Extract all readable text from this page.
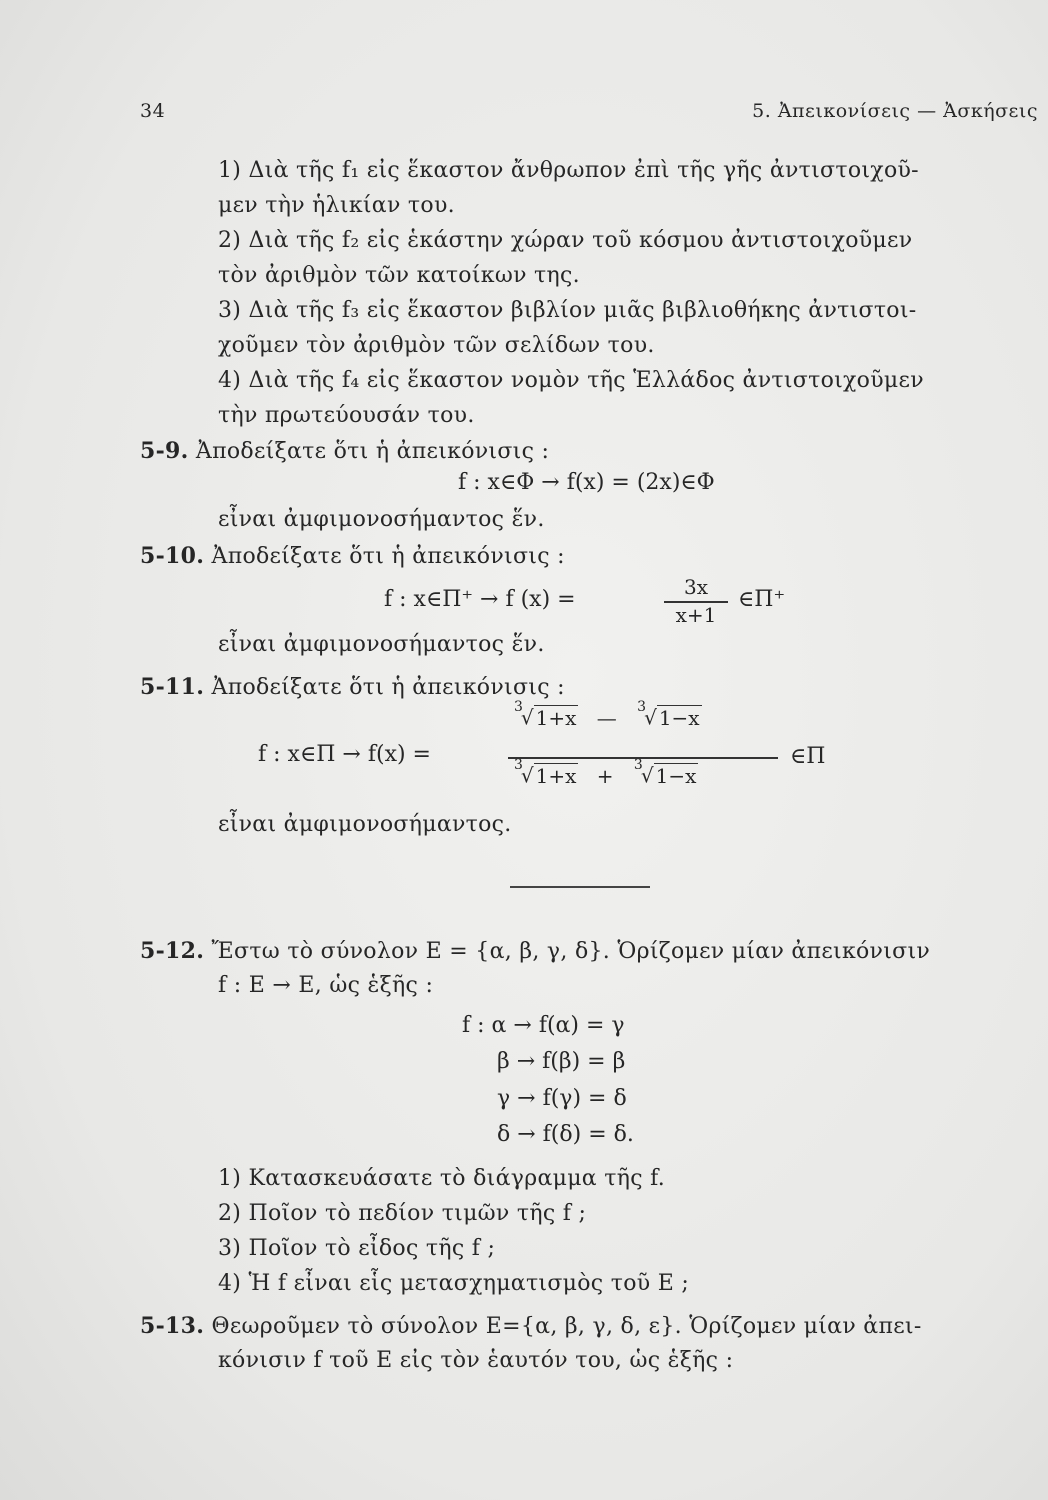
34	5. Ἀπεικονίσεις — Ἀσκήσεις
1) Διὰ τῆς f₁ εἰς ἕκαστον ἄνθρωπον ἐπὶ τῆς γῆς ἀντιστοιχοῦ-
μεν τὴν ἡλικίαν του.
2) Διὰ τῆς f₂ εἰς ἑκάστην χώραν τοῦ κόσμου ἀντιστοιχοῦμεν
τὸν ἀριθμὸν τῶν κατοίκων της.
3) Διὰ τῆς f₃ εἰς ἕκαστον βιβλίον μιᾶς βιβλιοθήκης ἀντιστοι-
χοῦμεν τὸν ἀριθμὸν τῶν σελίδων του.
4) Διὰ τῆς f₄ εἰς ἕκαστον νομὸν τῆς Ἑλλάδος ἀντιστοιχοῦμεν
τὴν πρωτεύουσάν του.
5-9. Ἀποδείξατε ὅτι ἡ ἀπεικόνισις :
f : x∈Φ → f(x) = (2x)∈Φ
εἶναι ἀμφιμονοσήμαντος ἕν.
5-10. Ἀποδείξατε ὅτι ἡ ἀπεικόνισις :
f : x∈Π⁺ → f (x) =	3x
x+1
∈Π⁺
εἶναι ἀμφιμονοσήμαντος ἕν.
5-11. Ἀποδείξατε ὅτι ἡ ἀπεικόνισις :
f : x∈Π → f(x) =
$^3$√ 1+x — $^3$√ 1−x
$^3$√ 1+x + $^3$√ 1−x
∈Π
εἶναι ἀμφιμονοσήμαντος.
5-12. Ἔστω τὸ σύνολον E = {α, β, γ, δ}. Ὁρίζομεν μίαν ἀπεικόνισιν
f : E → E, ὡς ἑξῆς :
f : α → f(α) = γ
β → f(β) = β
γ → f(γ) = δ
δ → f(δ) = δ.
1) Κατασκευάσατε τὸ διάγραμμα τῆς f.
2) Ποῖον τὸ πεδίον τιμῶν τῆς f ;
3) Ποῖον τὸ εἶδος τῆς f ;
4) Ἡ f εἶναι εἷς μετασχηματισμὸς τοῦ E ;
5-13. Θεωροῦμεν τὸ σύνολον E={α, β, γ, δ, ε}. Ὁρίζομεν μίαν ἀπει-
κόνισιν f τοῦ E εἰς τὸν ἑαυτόν του, ὡς ἑξῆς :
